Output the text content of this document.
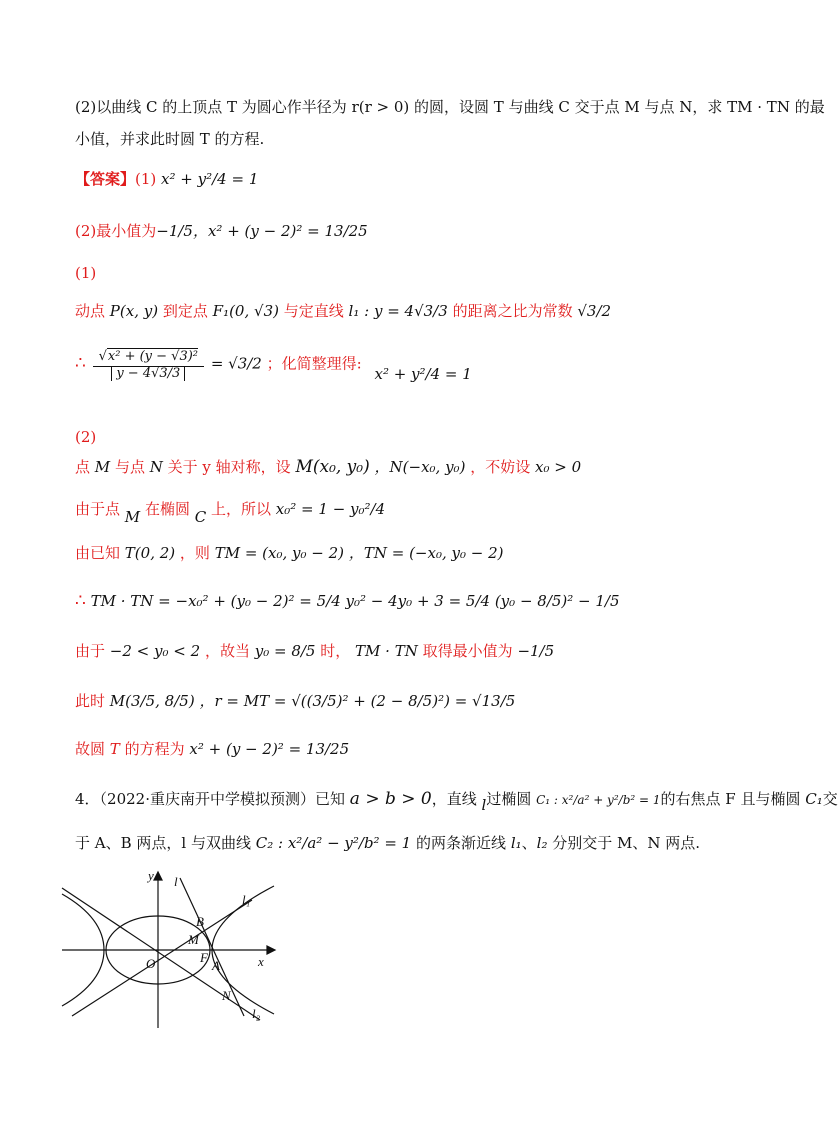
(2)以曲线 C 的上顶点 T 为圆心作半径为 r(r > 0) 的圆，设圆 T 与曲线 C 交于点 M 与点 N，求 TM · TN 的最
小值，并求此时圆 T 的方程.
【答案】(1) x² + y²/4 = 1
(2)最小值为−1/5，x² + (y − 2)² = 13/25
(1)
动点 P(x, y) 到定点 F₁(0, √3) 与定直线 l₁ : y = 4√3/3 的距离之比为常数 √3/2
∴ $\frac{\text{√x² + (y − √3)²}}{y - 4√3/3} = √3/2$ ；化简整理得: x² + y²/4 = 1
(2)
点 M 与点 N 关于 y 轴对称，设 M(x₀, y₀) ，N(−x₀, y₀) ，不妨设 x₀ > 0
由于点 M 在椭圆 C 上，所以 x₀² = 1 − y₀²/4
由已知 T(0, 2) ，则 TM = (x₀, y₀ − 2) ，TN = (−x₀, y₀ − 2)
∴ TM · TN = −x₀² + (y₀ − 2)² = 5/4 y₀² − 4y₀ + 3 = 5/4 (y₀ − 8/5)² − 1/5
由于 −2 < y₀ < 2 ，故当 y₀ = 8/5 时， TM · TN 取得最小值为 −1/5
此时 M(3/5, 8/5) ，r = MT = √((3/5)² + (2 − 8/5)²) = √13/5
故圆 T 的方程为 x² + (y − 2)² = 13/25
4．（2022·重庆南开中学模拟预测）已知 a > b > 0，直线 l过椭圆 C₁ : x²/a² + y²/b² = 1的右焦点 F 且与椭圆 C₁交
于 A、B 两点，l 与双曲线 C₂ : x²/a² − y²/b² = 1 的两条渐近线 l₁、l₂ 分别交于 M、N 两点.
y
x
O	F
A
B
M
N
l
l₁
l₂
